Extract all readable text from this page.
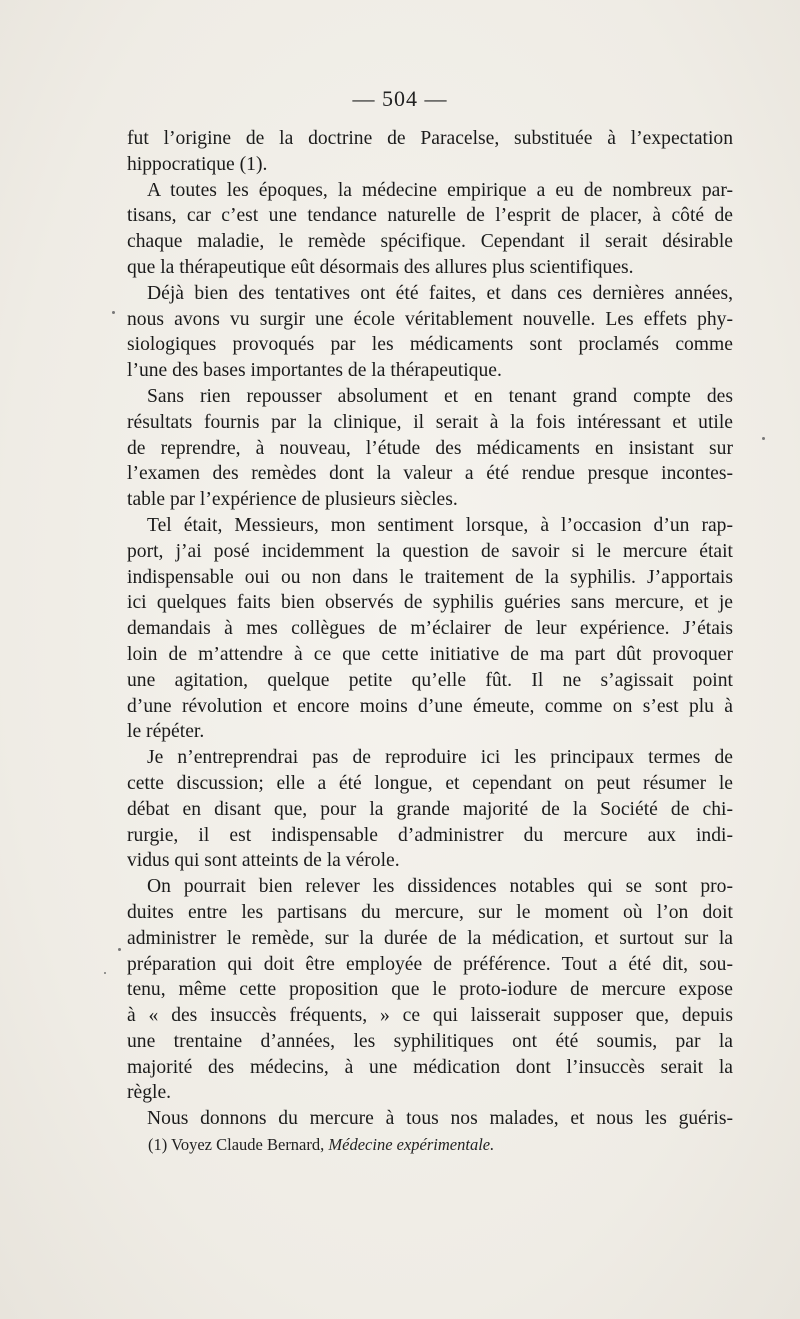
— 504 —
fut l’origine de la doctrine de Paracelse, substituée à l’expectation
hippocratique (1).
A toutes les époques, la médecine empirique a eu de nombreux par-
tisans, car c’est une tendance naturelle de l’esprit de placer, à côté de
chaque maladie, le remède spécifique. Cependant il serait désirable
que la thérapeutique eût désormais des allures plus scientifiques.
Déjà bien des tentatives ont été faites, et dans ces dernières années,
nous avons vu surgir une école véritablement nouvelle. Les effets phy-
siologiques provoqués par les médicaments sont proclamés comme
l’une des bases importantes de la thérapeutique.
Sans rien repousser absolument et en tenant grand compte des
résultats fournis par la clinique, il serait à la fois intéressant et utile
de reprendre, à nouveau, l’étude des médicaments en insistant sur
l’examen des remèdes dont la valeur a été rendue presque incontes-
table par l’expérience de plusieurs siècles.
Tel était, Messieurs, mon sentiment lorsque, à l’occasion d’un rap-
port, j’ai posé incidemment la question de savoir si le mercure était
indispensable oui ou non dans le traitement de la syphilis. J’apportais
ici quelques faits bien observés de syphilis guéries sans mercure, et je
demandais à mes collègues de m’éclairer de leur expérience. J’étais
loin de m’attendre à ce que cette initiative de ma part dût provoquer
une agitation, quelque petite qu’elle fût. Il ne s’agissait point
d’une révolution et encore moins d’une émeute, comme on s’est plu à
le répéter.
Je n’entreprendrai pas de reproduire ici les principaux termes de
cette discussion; elle a été longue, et cependant on peut résumer le
débat en disant que, pour la grande majorité de la Société de chi-
rurgie, il est indispensable d’administrer du mercure aux indi-
vidus qui sont atteints de la vérole.
On pourrait bien relever les dissidences notables qui se sont pro-
duites entre les partisans du mercure, sur le moment où l’on doit
administrer le remède, sur la durée de la médication, et surtout sur la
préparation qui doit être employée de préférence. Tout a été dit, sou-
tenu, même cette proposition que le proto-iodure de mercure expose
à « des insuccès fréquents, » ce qui laisserait supposer que, depuis
une trentaine d’années, les syphilitiques ont été soumis, par la
majorité des médecins, à une médication dont l’insuccès serait la
règle.
Nous donnons du mercure à tous nos malades, et nous les guéris-
(1) Voyez Claude Bernard, Médecine expérimentale.
